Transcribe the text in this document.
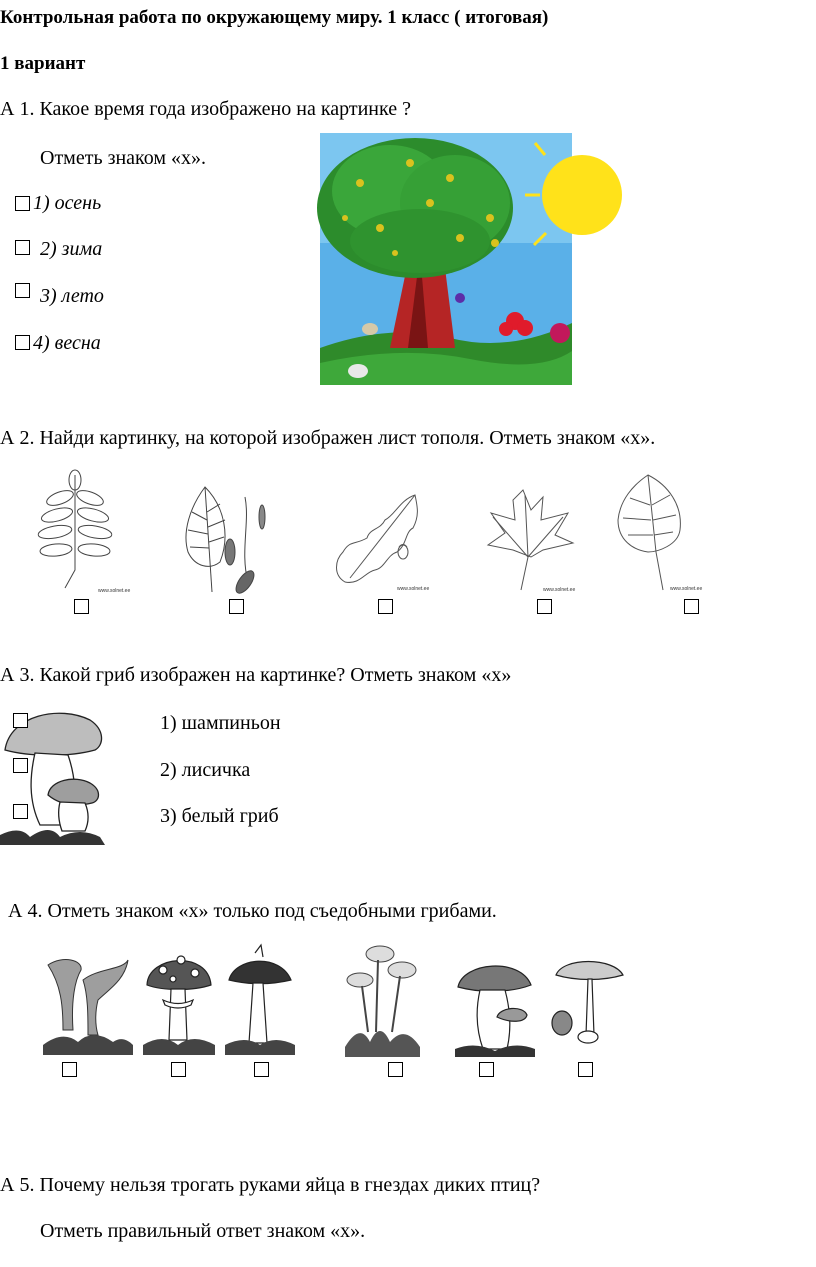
Контрольная работа по окружающему миру. 1 класс ( итоговая)
1 вариант
А 1. Какое время года изображено на картинке ?
Отметь знаком «х».
1) осень
2) зима
3) лето
4) весна
А 2. Найди картинку, на которой изображен лист тополя. Отметь знаком «х».
www.solnet.ee	www.solnet.ee	www.solnet.ee	www.solnet.ee
А 3. Какой гриб изображен на картинке? Отметь знаком «х»
1) шампиньон
2) лисичка
3) белый гриб
А 4. Отметь знаком «х» только под съедобными грибами.
А 5. Почему нельзя трогать руками яйца в гнездах диких птиц?
Отметь правильный ответ знаком «х».
